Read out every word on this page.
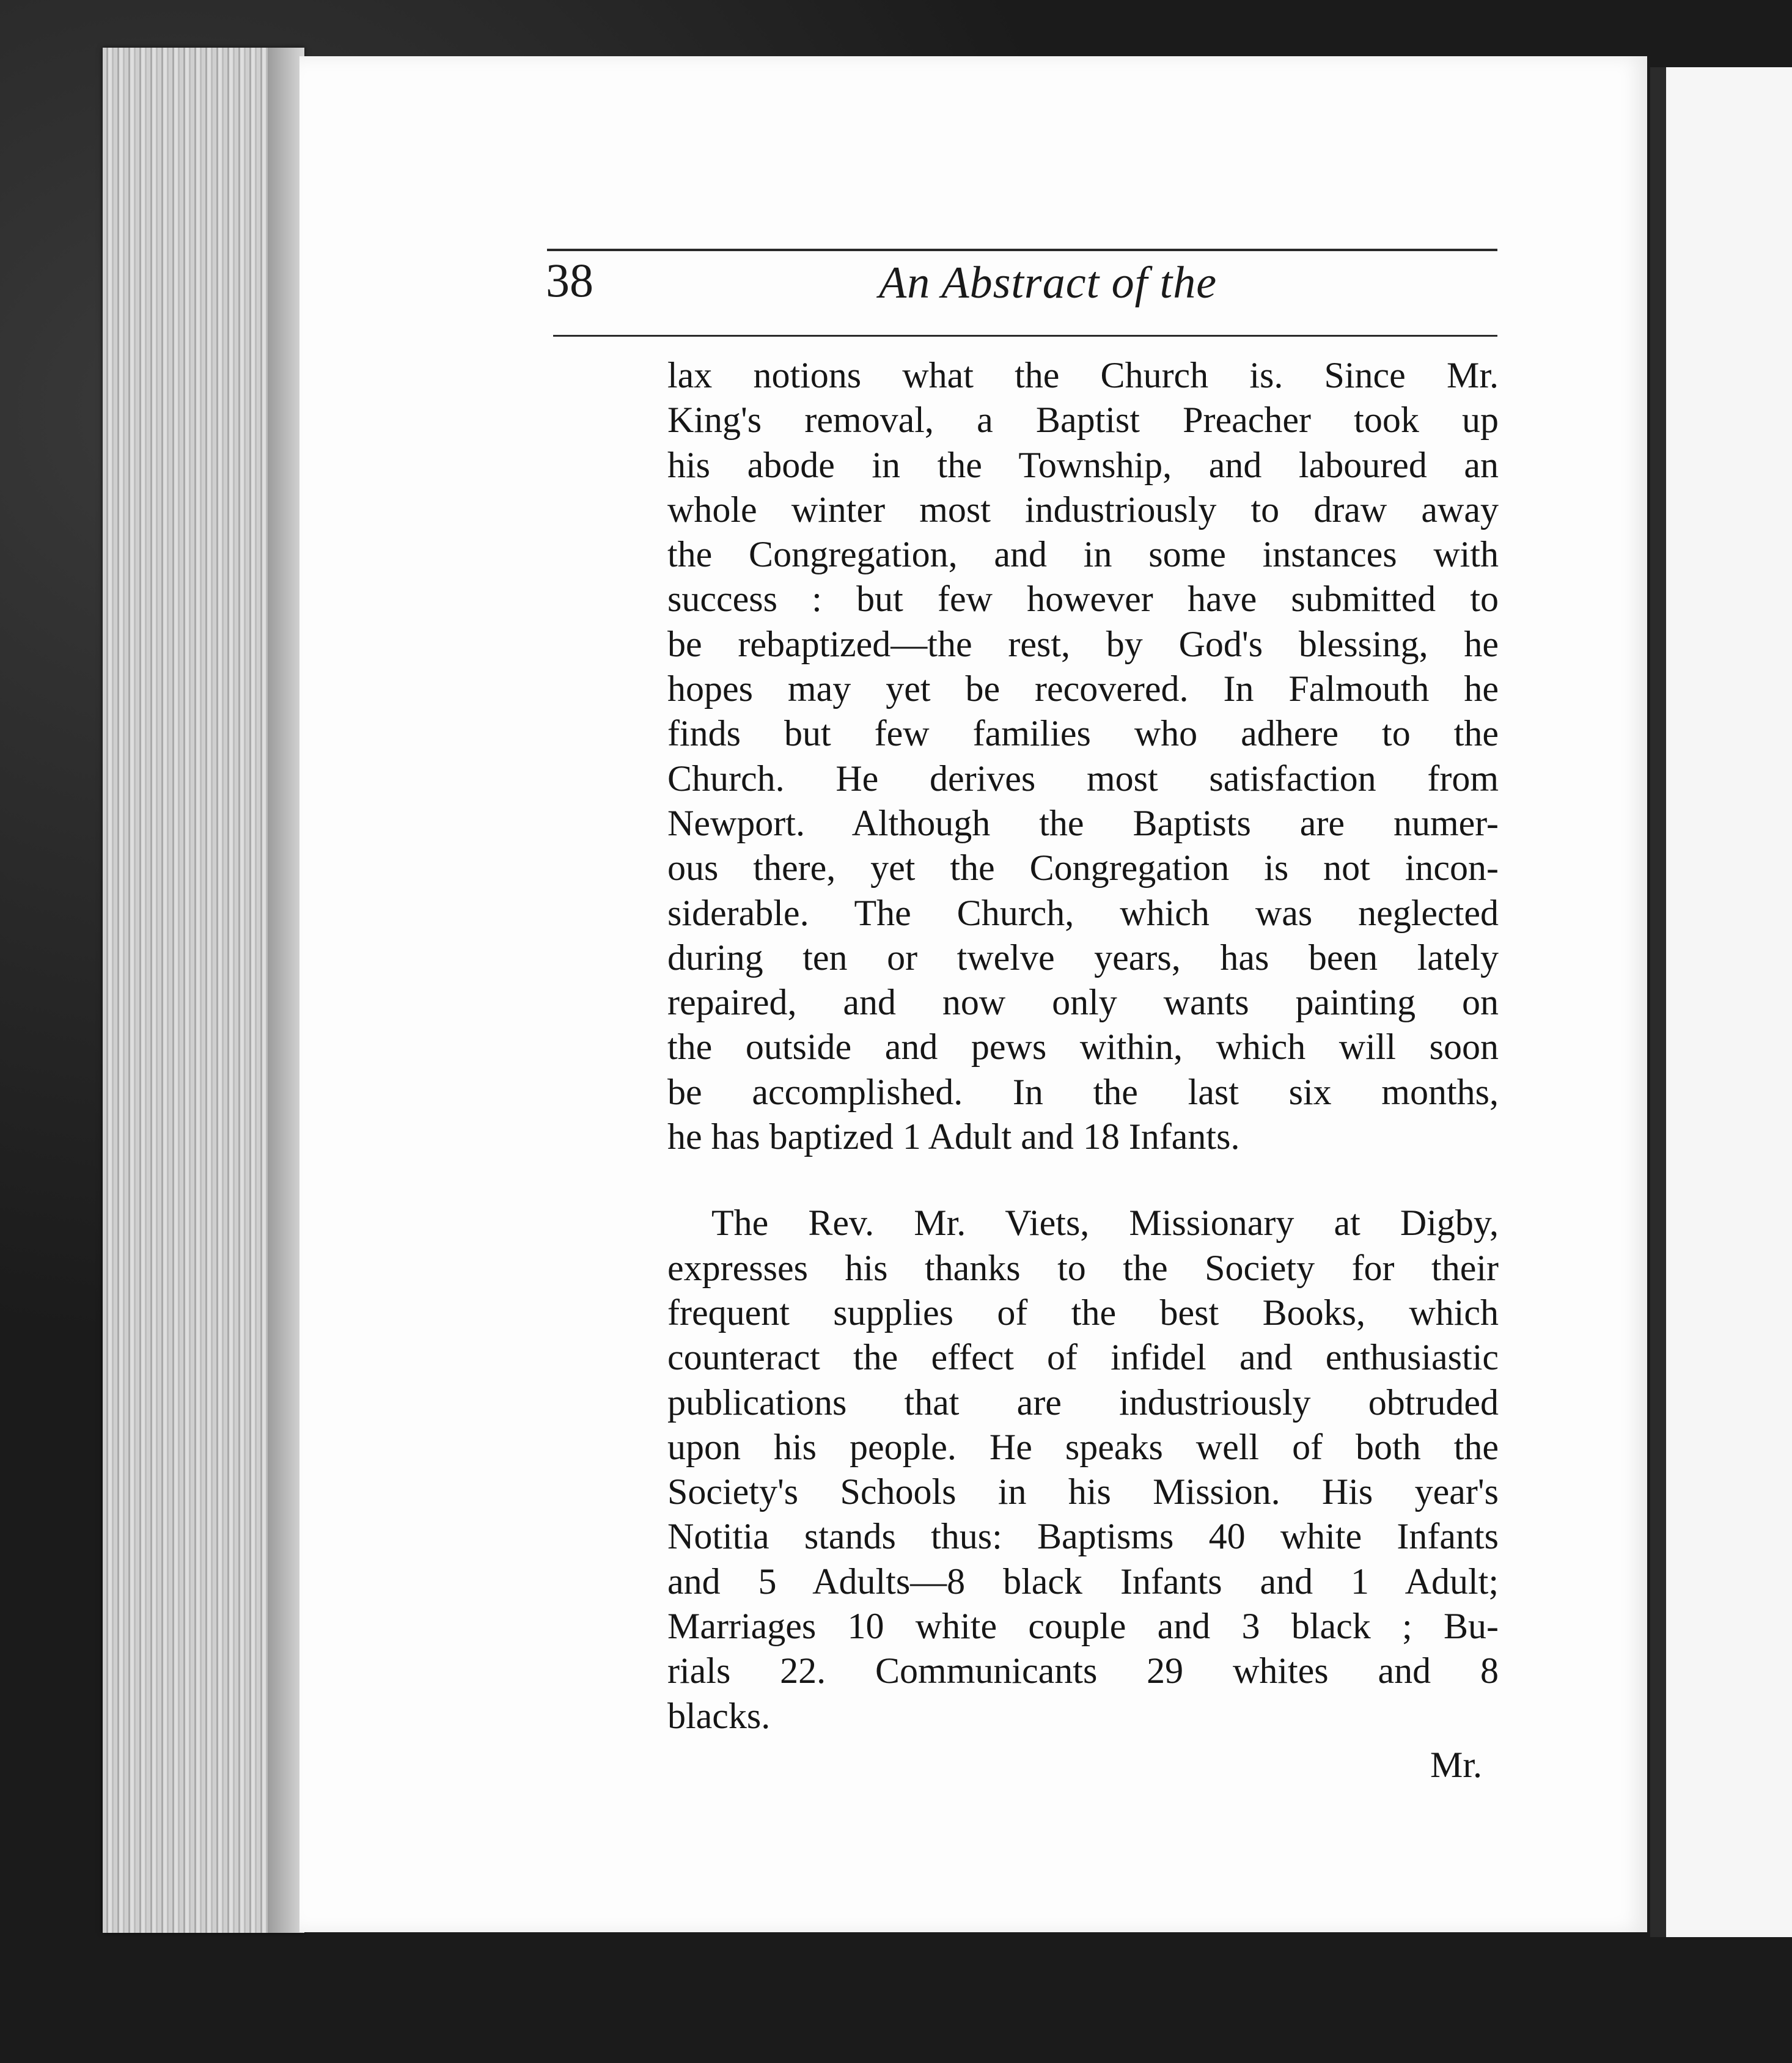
38	An Abstract of the
lax notions what the Church is. Since Mr.
King's removal, a Baptist Preacher took up
his abode in the Township, and laboured an
whole winter most industriously to draw away
the Congregation, and in some instances with
success : but few however have submitted to
be rebaptized—the rest, by God's blessing, he
hopes may yet be recovered. In Falmouth he
finds but few families who adhere to the
Church. He derives most satisfaction from
Newport. Although the Baptists are numer-
ous there, yet the Congregation is not incon-
siderable. The Church, which was neglected
during ten or twelve years, has been lately
repaired, and now only wants painting on
the outside and pews within, which will soon
be accomplished. In the last six months,
he has baptized 1 Adult and 18 Infants.
The Rev. Mr. Viets, Missionary at Digby,
expresses his thanks to the Society for their
frequent supplies of the best Books, which
counteract the effect of infidel and enthusiastic
publications that are industriously obtruded
upon his people. He speaks well of both the
Society's Schools in his Mission. His year's
Notitia stands thus: Baptisms 40 white Infants
and 5 Adults—8 black Infants and 1 Adult;
Marriages 10 white couple and 3 black ; Bu-
rials 22. Communicants 29 whites and 8
blacks.
Mr.
